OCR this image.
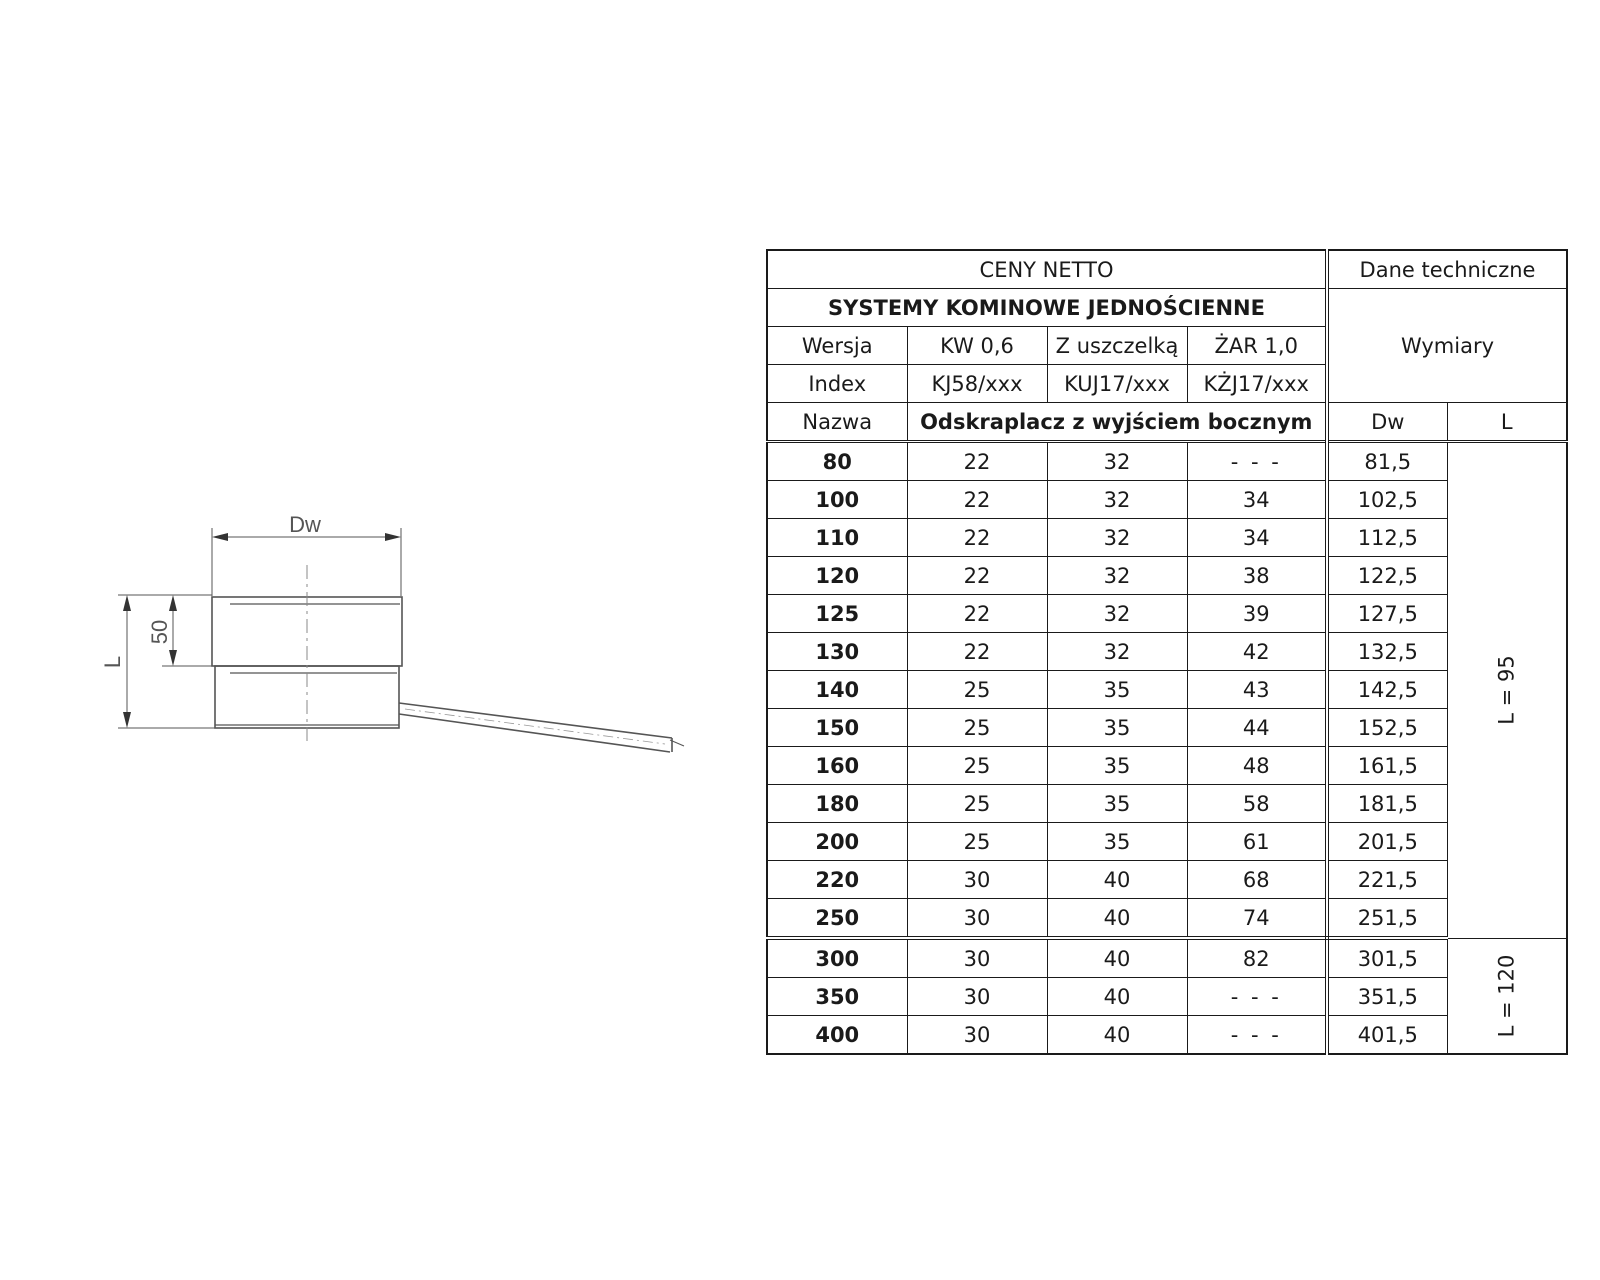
Dw
L
50
CENY NETTO				Dane techniczne	
SYSTEMY KOMINOWE JEDNOŚCIENNE				Wymiary	
Wersja	KW 0,6	Z uszczelką	ŻAR 1,0		
Index	KJ58/xxx	KUJ17/xxx	KŻJ17/xxx		
Nazwa	Odskraplacz z wyjściem bocznym			Dw	L
80	22	32	- - -	81,5	L = 95
100	22	32	34	102,5	
110	22	32	34	112,5	
120	22	32	38	122,5	
125	22	32	39	127,5	
130	22	32	42	132,5	
140	25	35	43	142,5	
150	25	35	44	152,5	
160	25	35	48	161,5	
180	25	35	58	181,5	
200	25	35	61	201,5	
220	30	40	68	221,5	
250	30	40	74	251,5	
300	30	40	82	301,5	L = 120
350	30	40	- - -	351,5	
400	30	40	- - -	401,5	
